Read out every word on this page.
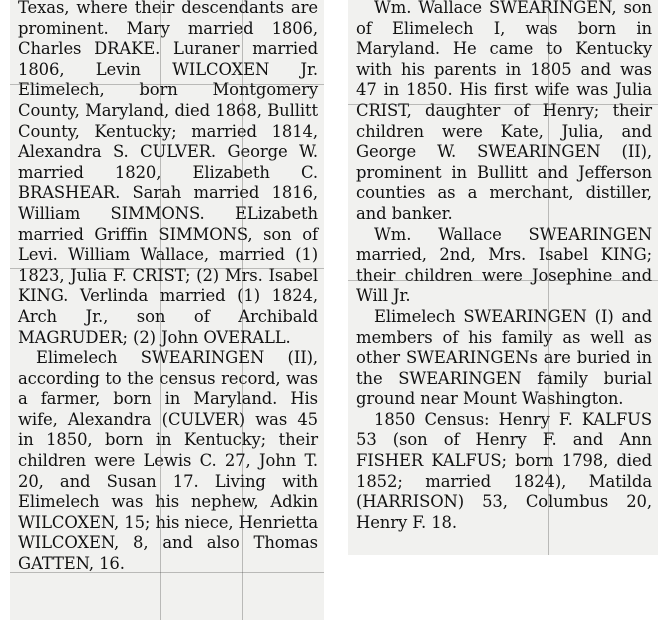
Texas, where their descendants are prominent. Mary married 1806, Charles DRAKE. Luraner married 1806, Levin WILCOXEN Jr. Elimelech, born Montgomery County, Maryland, died 1868, Bullitt County, Kentucky; married 1814, Alexandra S. CULVER. George W. married 1820, Elizabeth C. BRASHEAR. Sarah married 1816, William SIMMONS. ELizabeth married Griffin SIMMONS, son of Levi. William Wallace, married (1) 1823, Julia F. CRIST; (2) Mrs. Isabel KING. Verlinda married (1) 1824, Arch Jr., son of Archibald MAGRUDER; (2) John OVERALL.

Elimelech SWEARINGEN (II), according to the census record, was a farmer, born in Maryland. His wife, Alexandra (CULVER) was 45 in 1850, born in Kentucky; their children were Lewis C. 27, John T. 20, and Susan 17. Living with Elimelech was his nephew, Adkin WILCOXEN, 15; his niece, Henrietta WILCOXEN, 8, and also Thomas GATTEN, 16.

Wm. Wallace SWEARINGEN, son of Elimelech I, was born in Maryland. He came to Kentucky with his parents in 1805 and was 47 in 1850. His first wife was Julia CRIST, daughter of Henry; their children were Kate, Julia, and George W. SWEARINGEN (II), prominent in Bullitt and Jefferson counties as a merchant, distiller, and banker.

Wm. Wallace SWEARINGEN married, 2nd, Mrs. Isabel KING; their children were Josephine and Will Jr.

Elimelech SWEARINGEN (I) and members of his family as well as other SWEARINGENs are buried in the SWEARINGEN family burial ground near Mount Washington.

1850 Census: Henry F. KALFUS 53 (son of Henry F. and Ann FISHER KALFUS; born 1798, died 1852; married 1824), Matilda (HARRISON) 53, Columbus 20, Henry F. 18.
